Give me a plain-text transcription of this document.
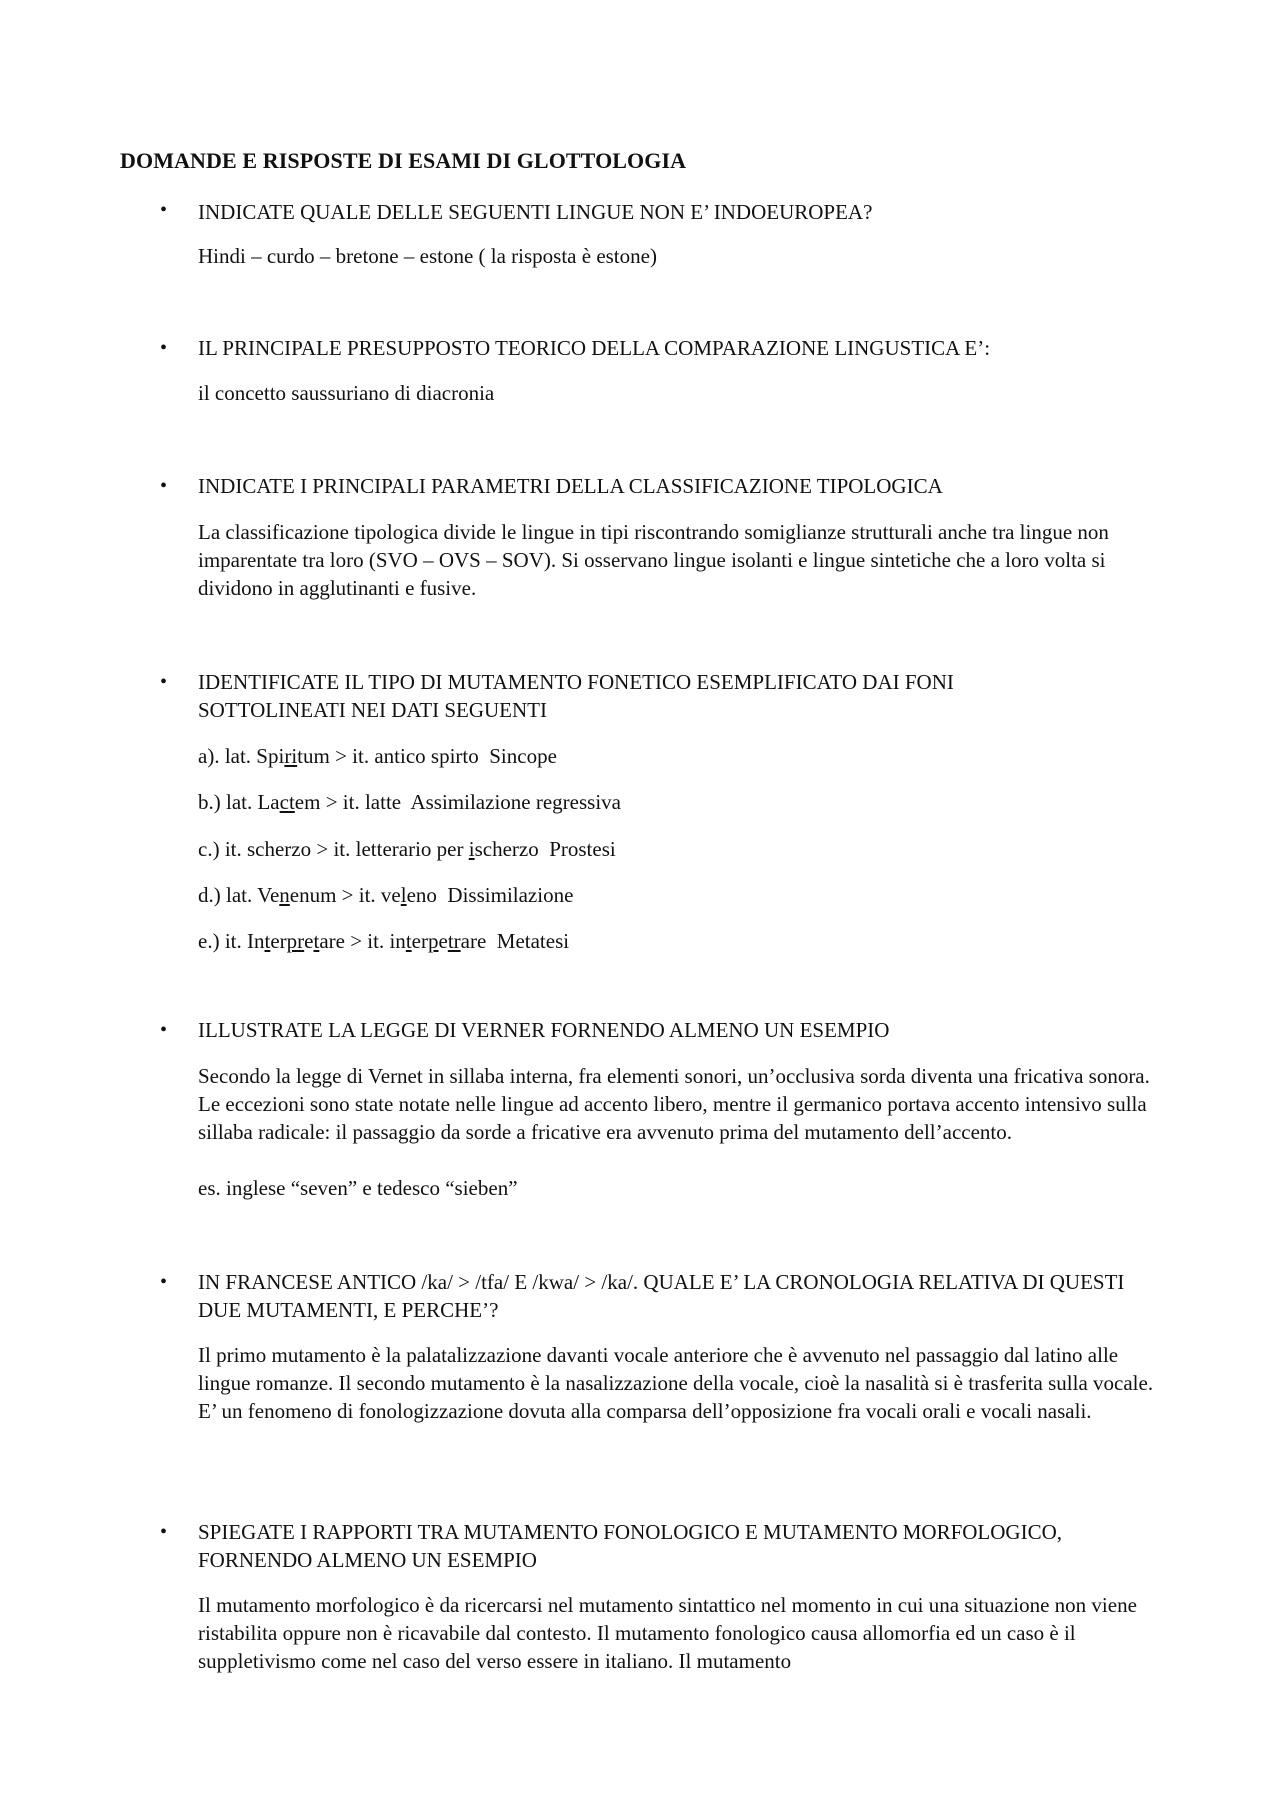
DOMANDE E RISPOSTE DI ESAMI DI GLOTTOLOGIA
• INDICATE QUALE DELLE SEGUENTI LINGUE NON E’ INDOEUROPEA?
Hindi – curdo – bretone – estone ( la risposta è estone)
• IL PRINCIPALE PRESUPPOSTO TEORICO DELLA COMPARAZIONE LINGUSTICA E’:
il concetto saussuriano di diacronia
• INDICATE I PRINCIPALI PARAMETRI DELLA CLASSIFICAZIONE TIPOLOGICA
La classificazione tipologica divide le lingue in tipi riscontrando somiglianze strutturali anche tra lingue non imparentate tra loro (SVO – OVS – SOV). Si osservano lingue isolanti e lingue sintetiche che a loro volta si dividono in agglutinanti e fusive.
• IDENTIFICATE IL TIPO DI MUTAMENTO FONETICO ESEMPLIFICATO DAI FONI SOTTOLINEATI NEI DATI SEGUENTI
a). lat. Spiritum > it. antico spirto  Sincope
b.) lat. Lactem > it. latte  Assimilazione regressiva
c.) it. scherzo > it. letterario per ischerzo  Prostesi
d.) lat. Venenum > it. veleno  Dissimilazione
e.) it. Interpretare > it. interpetrare  Metatesi
• ILLUSTRATE LA LEGGE DI VERNER FORNENDO ALMENO UN ESEMPIO
Secondo la legge di Vernet in sillaba interna, fra elementi sonori, un’occlusiva sorda diventa una fricativa sonora. Le eccezioni sono state notate nelle lingue ad accento libero, mentre il germanico portava accento intensivo sulla sillaba radicale: il passaggio da sorde a fricative era avvenuto prima del mutamento dell’accento.
es. inglese “seven” e tedesco “sieben”
• IN FRANCESE ANTICO /ka/ > /tfa/ E /kwa/ > /ka/. QUALE E’ LA CRONOLOGIA RELATIVA DI QUESTI DUE MUTAMENTI, E PERCHE’?
Il primo mutamento è la palatalizzazione davanti vocale anteriore che è avvenuto nel passaggio dal latino alle lingue romanze. Il secondo mutamento è la nasalizzazione della vocale, cioè la nasalità si è trasferita sulla vocale. E’ un fenomeno di fonologizzazione dovuta alla comparsa dell’opposizione fra vocali orali e vocali nasali.
• SPIEGATE I RAPPORTI TRA MUTAMENTO FONOLOGICO E MUTAMENTO MORFOLOGICO, FORNENDO ALMENO UN ESEMPIO
Il mutamento morfologico è da ricercarsi nel mutamento sintattico nel momento in cui una situazione non viene ristabilita oppure non è ricavabile dal contesto. Il mutamento fonologico causa allomorfia ed un caso è il suppletivismo come nel caso del verso essere in italiano. Il mutamento
